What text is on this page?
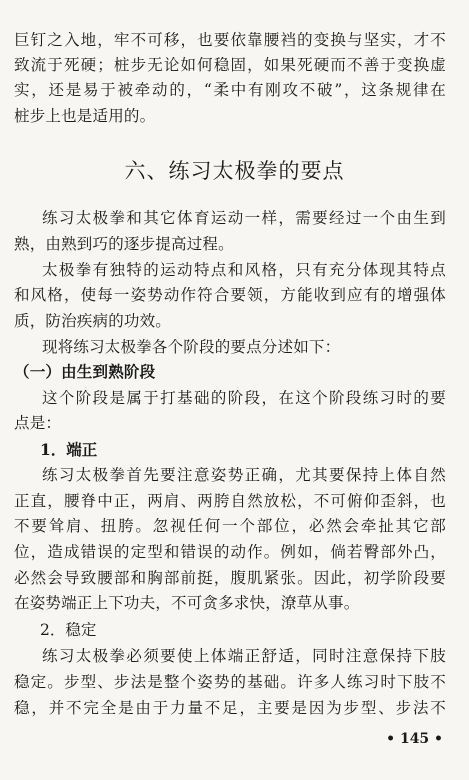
巨钉之入地，牢不可移，也要依靠腰裆的变换与坚实，才不
致流于死硬；桩步无论如何稳固，如果死硬而不善于变换虚
实，还是易于被牵动的，“柔中有刚攻不破”，这条规律在
桩步上也是适用的。
六、练习太极拳的要点
练习太极拳和其它体育运动一样，需要经过一个由生到
熟，由熟到巧的逐步提高过程。
太极拳有独特的运动特点和风格，只有充分体现其特点
和风格，使每一姿势动作符合要领，方能收到应有的增强体
质，防治疾病的功效。
现将练习太极拳各个阶段的要点分述如下：
（一）由生到熟阶段
这个阶段是属于打基础的阶段，在这个阶段练习时的要
点是：
1．端正
练习太极拳首先要注意姿势正确，尤其要保持上体自然
正直，腰脊中正，两肩、两胯自然放松，不可俯仰歪斜，也
不要耸肩、扭胯。忽视任何一个部位，必然会牵扯其它部
位，造成错误的定型和错误的动作。例如，倘若臀部外凸，
必然会导致腰部和胸部前挺，腹肌紧张。因此，初学阶段要
在姿势端正上下功夫，不可贪多求快，潦草从事。
2．稳定
练习太极拳必须要使上体端正舒适，同时注意保持下肢
稳定。步型、步法是整个姿势的基础。许多人练习时下肢不
稳，并不完全是由于力量不足，主要是因为步型、步法不
• 145 •
